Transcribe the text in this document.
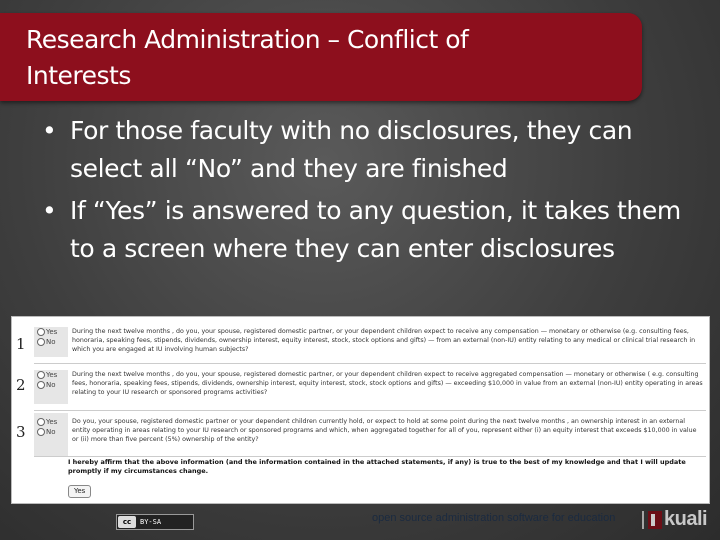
Research Administration – Conflict of
Interests
• For those faculty with no disclosures, they can select all “No” and they are finished
• If “Yes” is answered to any question, it takes them to a screen where they can enter disclosures
1
Yes
No
During the next twelve months , do you, your spouse, registered domestic partner, or your dependent children expect to receive any compensation — monetary or otherwise (e.g. consulting fees, honoraria, speaking fees, stipends, dividends, ownership interest, equity interest, stock, stock options and gifts) — from an external (non-IU) entity relating to any medical or clinical trial research in which you are engaged at IU involving human subjects?
2
Yes
No
During the next twelve months , do you, your spouse, registered domestic partner, or your dependent children expect to receive aggregated compensation — monetary or otherwise ( e.g. consulting fees, honoraria, speaking fees, stipends, dividends, ownership interest, equity interest, stock, stock options and gifts) — exceeding $10,000 in value from an external (non-IU) entity operating in areas relating to your IU research or sponsored programs activities?
3
Yes
No
Do you, your spouse, registered domestic partner or your dependent children currently hold, or expect to hold at some point during the next twelve months , an ownership interest in an external entity operating in areas relating to your IU research or sponsored programs and which, when aggregated together for all of you, represent either (i) an equity interest that exceeds $10,000 in value or (ii) more than five percent (5%) ownership of the entity?
I hereby affirm that the above information (and the information contained in the attached statements, if any) is true to the best of my knowledge and that I will update promptly if my circumstances change.
Yes
cc	BY-SA	open source administration software for education kuali
